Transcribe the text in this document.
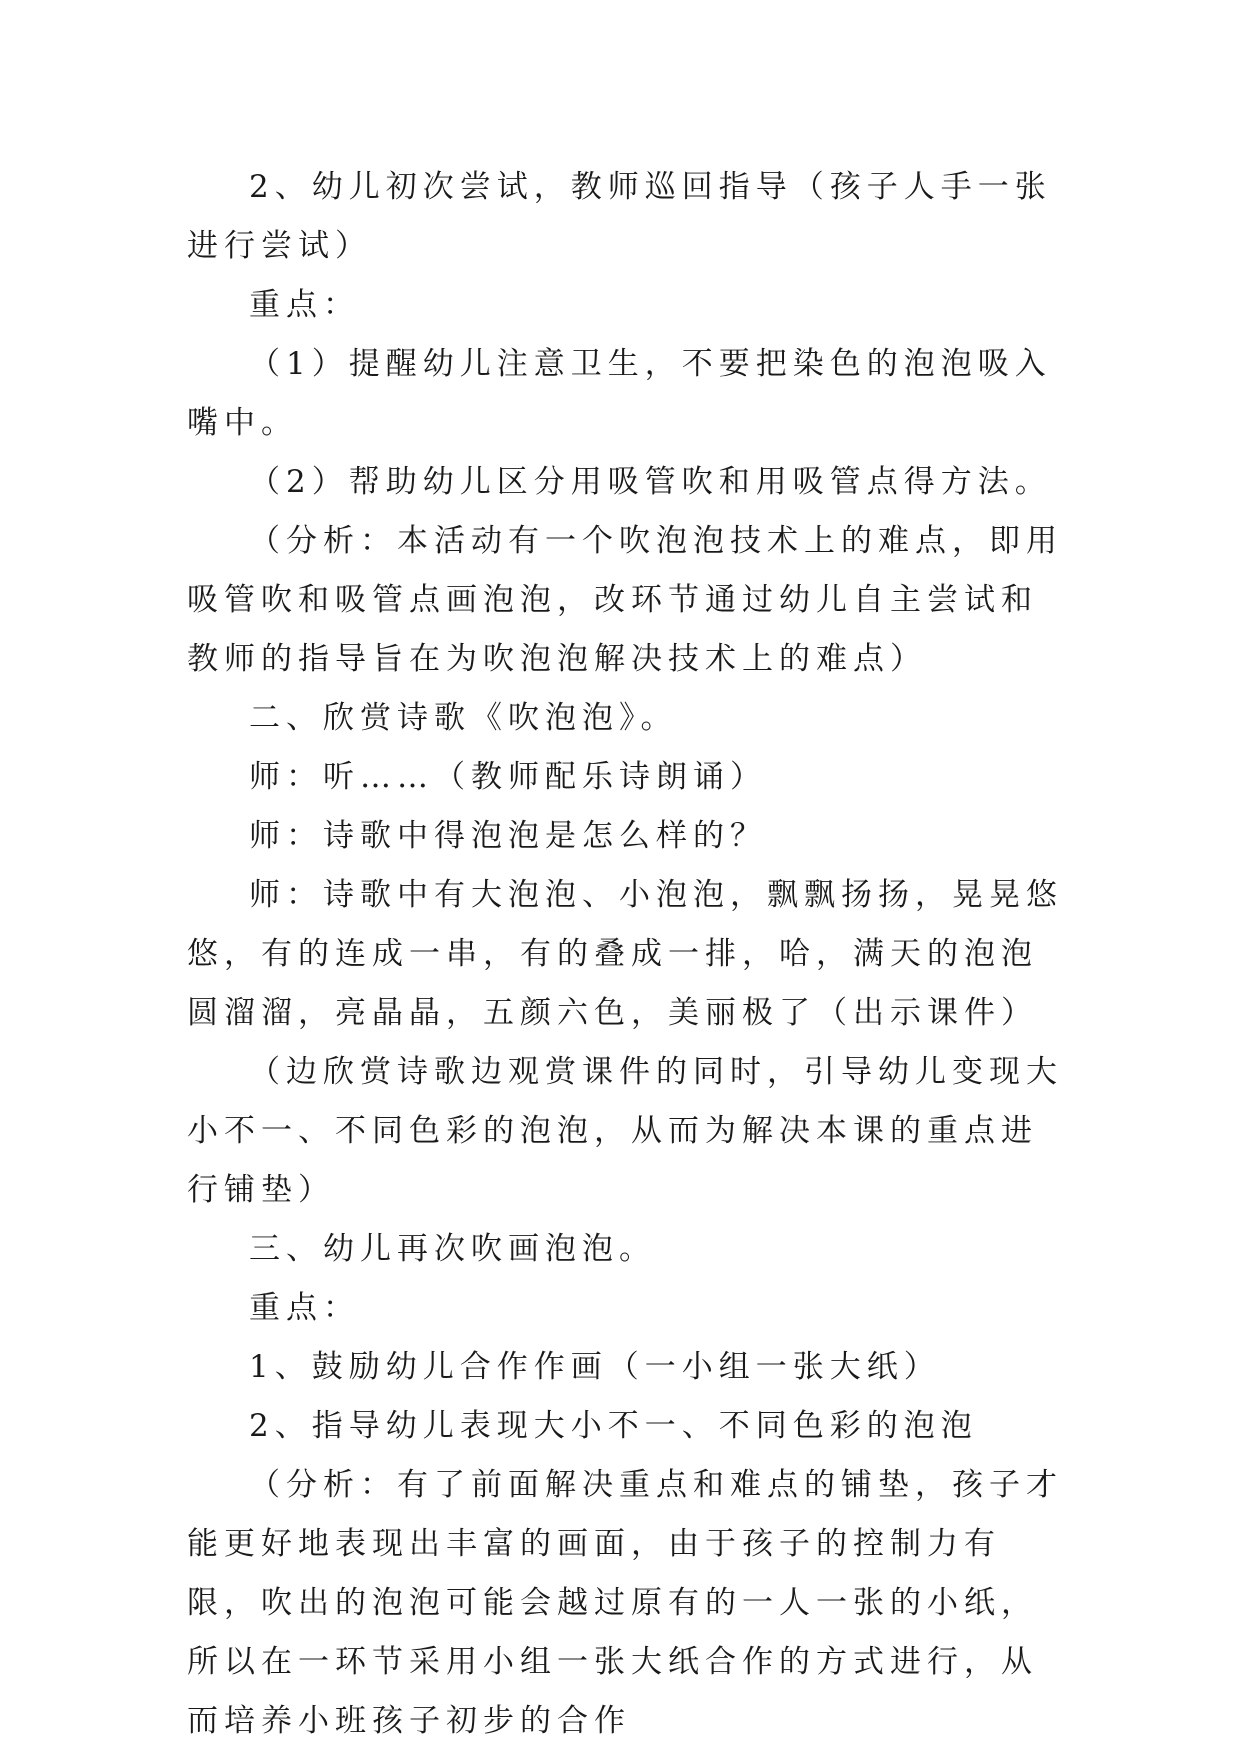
2、幼儿初次尝试，教师巡回指导（孩子人手一张进行尝试）

重点：

（1）提醒幼儿注意卫生，不要把染色的泡泡吸入嘴中。

（2）帮助幼儿区分用吸管吹和用吸管点得方法。

（分析：本活动有一个吹泡泡技术上的难点，即用吸管吹和吸管点画泡泡，改环节通过幼儿自主尝试和教师的指导旨在为吹泡泡解决技术上的难点）

二、欣赏诗歌《吹泡泡》。

师：听……（教师配乐诗朗诵）

师：诗歌中得泡泡是怎么样的？

师：诗歌中有大泡泡、小泡泡，飘飘扬扬，晃晃悠悠，有的连成一串，有的叠成一排，哈，满天的泡泡圆溜溜，亮晶晶，五颜六色，美丽极了（出示课件）

（边欣赏诗歌边观赏课件的同时，引导幼儿变现大小不一、不同色彩的泡泡，从而为解决本课的重点进行铺垫）

三、幼儿再次吹画泡泡。

重点：

1、鼓励幼儿合作作画（一小组一张大纸）

2、指导幼儿表现大小不一、不同色彩的泡泡

（分析：有了前面解决重点和难点的铺垫，孩子才能更好地表现出丰富的画面，由于孩子的控制力有限，吹出的泡泡可能会越过原有的一人一张的小纸，所以在一环节采用小组一张大纸合作的方式进行，从而培养小班孩子初步的合作
